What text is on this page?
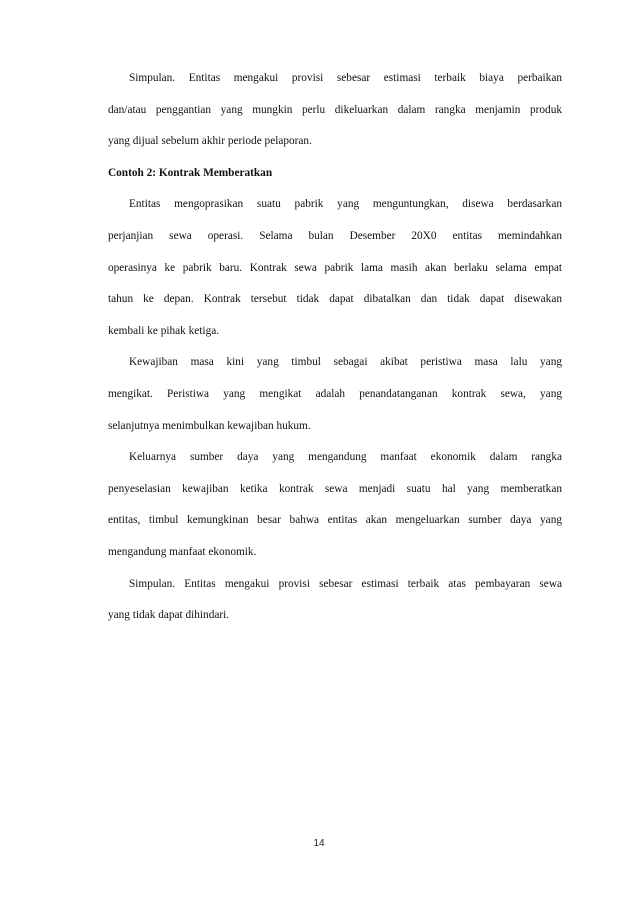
Simpulan. Entitas mengakui provisi sebesar estimasi terbaik biaya perbaikan
dan/atau penggantian yang mungkin perlu dikeluarkan dalam rangka menjamin produk
yang dijual sebelum akhir periode pelaporan.
Contoh 2: Kontrak Memberatkan
Entitas mengoprasikan suatu pabrik yang menguntungkan, disewa berdasarkan
perjanjian sewa operasi. Selama bulan Desember 20X0 entitas memindahkan
operasinya ke pabrik baru. Kontrak sewa pabrik lama masih akan berlaku selama empat
tahun ke depan. Kontrak tersebut tidak dapat dibatalkan dan tidak dapat disewakan
kembali ke pihak ketiga.
Kewajiban masa kini yang timbul sebagai akibat peristiwa masa lalu yang
mengikat. Peristiwa yang mengikat adalah penandatanganan kontrak sewa, yang
selanjutnya menimbulkan kewajiban hukum.
Keluarnya sumber daya yang mengandung manfaat ekonomik dalam rangka
penyeselasian kewajiban ketika kontrak sewa menjadi suatu hal yang memberatkan
entitas, timbul kemungkinan besar bahwa entitas akan mengeluarkan sumber daya yang
mengandung manfaat ekonomik.
Simpulan. Entitas mengakui provisi sebesar estimasi terbaik atas pembayaran sewa
yang tidak dapat dihindari.
14
